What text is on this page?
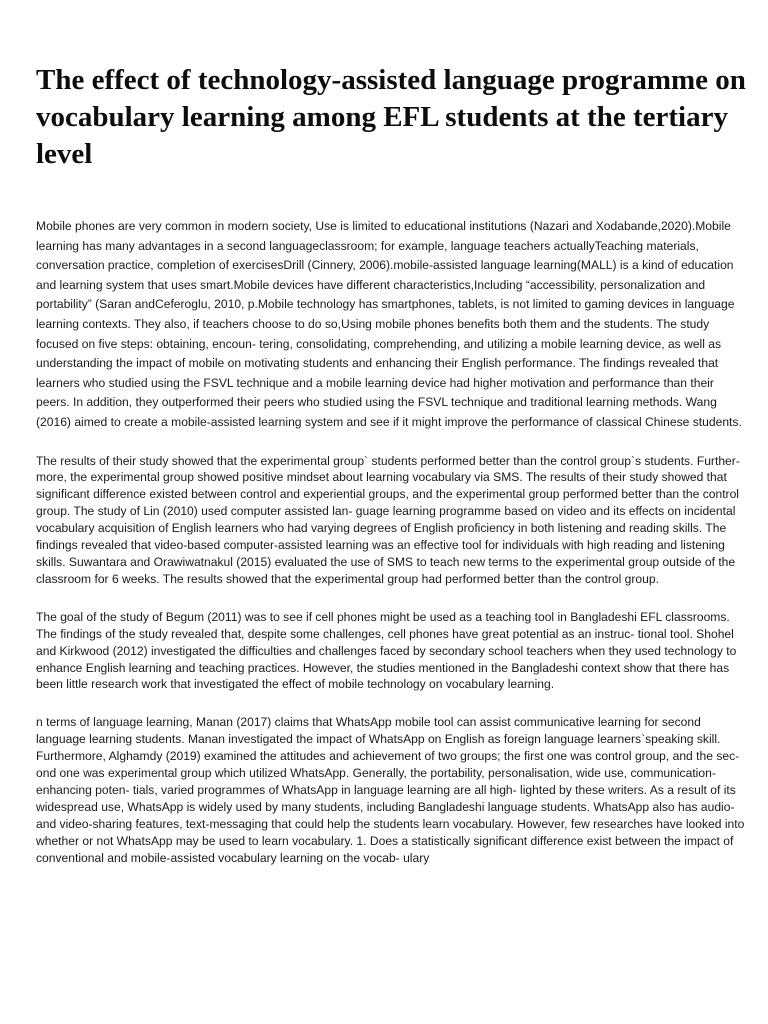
The effect of technology-assisted language programme on vocabulary learning among EFL students at the tertiary level

Mobile phones are very common in modern society, Use is limited to educational institutions (Nazari and Xodabande,2020).Mobile learning has many advantages in a second languageclassroom; for example, language teachers actuallyTeaching materials, conversation practice, completion of exercisesDrill (Cinnery, 2006).mobile-assisted language learning(MALL) is a kind of education and learning system that uses smart.Mobile devices have different characteristics,Including “accessibility, personalization and portability” (Saran andCeferoglu, 2010, p.Mobile technology has smartphones, tablets, is not limited to gaming devices in language learning contexts. They also, if teachers choose to do so,Using mobile phones benefits both them and the students. The study focused on five steps: obtaining, encoun- tering, consolidating, comprehending, and utilizing a mobile learning device, as well as understanding the impact of mobile on motivating students and enhancing their English performance. The findings revealed that learners who studied using the FSVL technique and a mobile learning device had higher motivation and performance than their peers. In addition, they outperformed their peers who studied using the FSVL technique and traditional learning methods. Wang (2016) aimed to create a mobile-assisted learning system and see if it might improve the performance of classical Chinese students.

The results of their study showed that the experimental group` students performed better than the control group`s students. Further- more, the experimental group showed positive mindset about learning vocabulary via SMS. The results of their study showed that significant difference existed between control and experiential groups, and the experimental group performed better than the control group. The study of Lin (2010) used computer assisted lan- guage learning programme based on video and its effects on incidental vocabulary acquisition of English learners who had varying degrees of English proficiency in both listening and reading skills. The findings revealed that video-based computer-assisted learning was an effective tool for individuals with high reading and listening skills. Suwantara and Orawiwatnakul (2015) evaluated the use of SMS to teach new terms to the experimental group outside of the classroom for 6 weeks. The results showed that the experimental group had performed better than the control group.

The goal of the study of Begum (2011) was to see if cell phones might be used as a teaching tool in Bangladeshi EFL classrooms. The findings of the study revealed that, despite some challenges, cell phones have great potential as an instruc- tional tool. Shohel and Kirkwood (2012) investigated the difficulties and challenges faced by secondary school teachers when they used technology to enhance English learning and teaching practices. However, the studies mentioned in the Bangladeshi context show that there has been little research work that investigated the effect of mobile technology on vocabulary learning.

n terms of language learning, Manan (2017) claims that WhatsApp mobile tool can assist communicative learning for second language learning students. Manan investigated the impact of WhatsApp on English as foreign language learners`speaking skill. Furthermore, Alghamdy (2019) examined the attitudes and achievement of two groups; the first one was control group, and the sec- ond one was experimental group which utilized WhatsApp. Generally, the portability, personalisation, wide use, communication-enhancing poten- tials, varied programmes of WhatsApp in language learning are all high- lighted by these writers. As a result of its widespread use, WhatsApp is widely used by many students, including Bangladeshi language students. WhatsApp also has audio- and video-sharing features, text-messaging that could help the students learn vocabulary. However, few researches have looked into whether or not WhatsApp may be used to learn vocabulary. 1. Does a statistically significant difference exist between the impact of conventional and mobile-assisted vocabulary learning on the vocab- ulary
